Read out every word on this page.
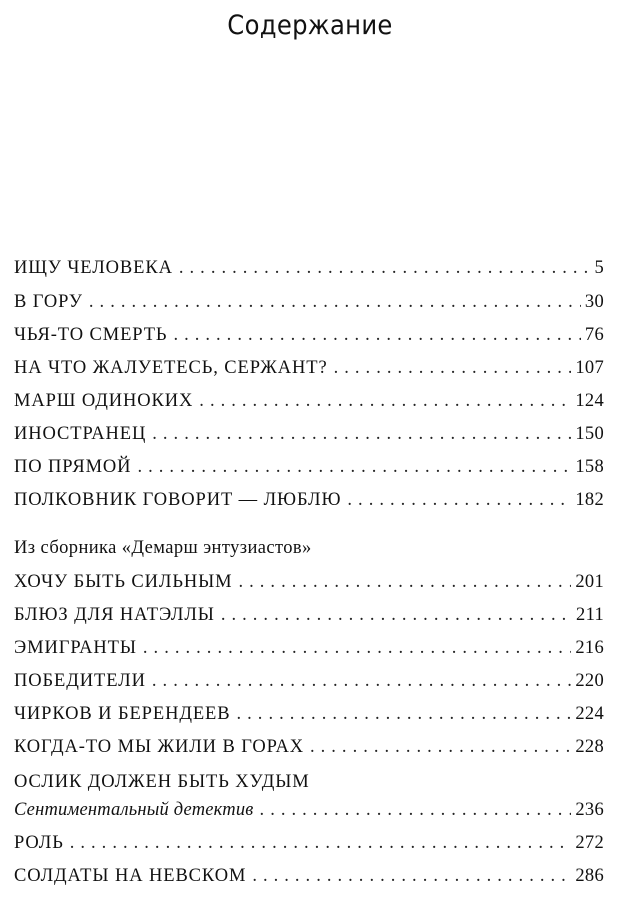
Содержание
ИЩУ ЧЕЛОВЕКА . . .	5
В ГОРУ . . .	30
ЧЬЯ-ТО СМЕРТЬ . . .	76
НА ЧТО ЖАЛУЕТЕСЬ, СЕРЖАНТ? . . .	107
МАРШ ОДИНОКИХ . . .	124
ИНОСТРАНЕЦ . . .	150
ПО ПРЯМОЙ . . .	158
ПОЛКОВНИК ГОВОРИТ — ЛЮБЛЮ . . .	182
Из сборника «Демарш энтузиастов»
ХОЧУ БЫТЬ СИЛЬНЫМ . . .	201
БЛЮЗ ДЛЯ НАТЭЛЛЫ . . .	211
ЭМИГРАНТЫ . . .	216
ПОБЕДИТЕЛИ . . .	220
ЧИРКОВ И БЕРЕНДЕЕВ . . .	224
КОГДА-ТО МЫ ЖИЛИ В ГОРАХ . . .	228
ОСЛИК ДОЛЖЕН БЫТЬ ХУДЫМ
Сентиментальный детектив . . .	236
РОЛЬ . . .	272
СОЛДАТЫ НА НЕВСКОМ . . .	286
